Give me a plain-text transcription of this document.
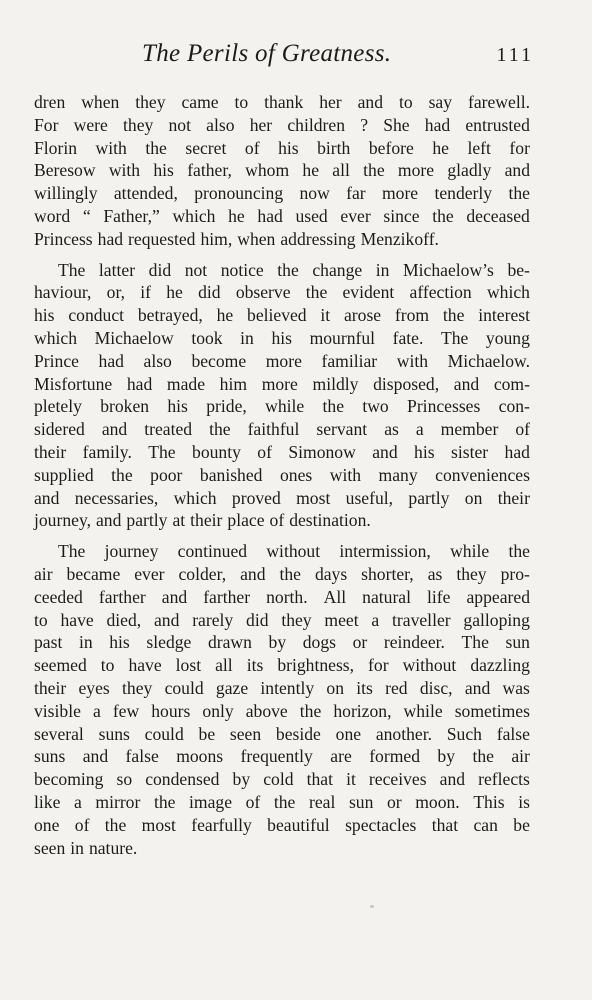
The Perils of Greatness.	111
dren when they came to thank her and to say farewell.
For were they not also her children ? She had entrusted
Florin with the secret of his birth before he left for
Beresow with his father, whom he all the more gladly and
willingly attended, pronouncing now far more tenderly the
word “ Father,” which he had used ever since the deceased
Princess had requested him, when addressing Menzikoff.
The latter did not notice the change in Michaelow’s be-
haviour, or, if he did observe the evident affection which
his conduct betrayed, he believed it arose from the interest
which Michaelow took in his mournful fate. The young
Prince had also become more familiar with Michaelow.
Misfortune had made him more mildly disposed, and com-
pletely broken his pride, while the two Princesses con-
sidered and treated the faithful servant as a member of
their family. The bounty of Simonow and his sister had
supplied the poor banished ones with many conveniences
and necessaries, which proved most useful, partly on their
journey, and partly at their place of destination.
The journey continued without intermission, while the
air became ever colder, and the days shorter, as they pro-
ceeded farther and farther north. All natural life appeared
to have died, and rarely did they meet a traveller galloping
past in his sledge drawn by dogs or reindeer. The sun
seemed to have lost all its brightness, for without dazzling
their eyes they could gaze intently on its red disc, and was
visible a few hours only above the horizon, while sometimes
several suns could be seen beside one another. Such false
suns and false moons frequently are formed by the air
becoming so condensed by cold that it receives and reflects
like a mirror the image of the real sun or moon. This is
one of the most fearfully beautiful spectacles that can be
seen in nature.
